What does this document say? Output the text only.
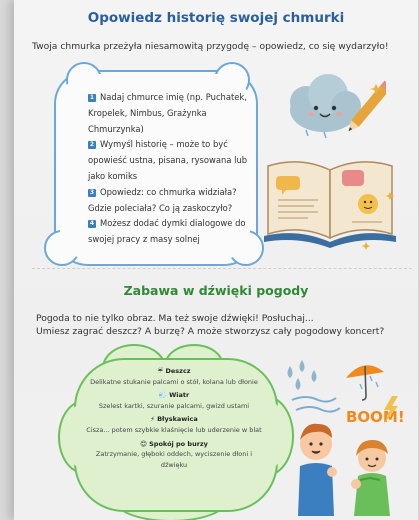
Opowiedz historię swojej chmurki
Twoja chmurka przeżyła niesamowitą przygodę – opowiedz, co się wydarzyło!

1 Nadaj chmurce imię (np. Puchatek, Kropelek, Nimbus, Grażynka Chmurzynka)

2 Wymyśl historię – może to być opowieść ustna, pisana, rysowana lub jako komiks

3 Opowiedz: co chmurka widziała? Gdzie poleciała? Co ją zaskoczyło?

4 Możesz dodać dymki dialogowe do swojej pracy z masy solnej

Zabawa w dźwięki pogody
Pogoda to nie tylko obraz. Ma też swoje dźwięki! Posłuchaj...
Umiesz zagrać deszcz? A burzę? A może stworzysz cały pogodowy koncert?
☔ Deszcz
Delikatne stukanie palcami o stół, kolana lub dłonie
💨 Wiatr
Szelest kartki, szuranie palcami, gwizd ustami
⚡ Błyskawica
Cisza... potem szybkie klaśnięcie lub uderzenie w blat
😊 Spokój po burzy
Zatrzymanie, głęboki oddech, wyciszenie dłoni i dźwięku
BOOM!
